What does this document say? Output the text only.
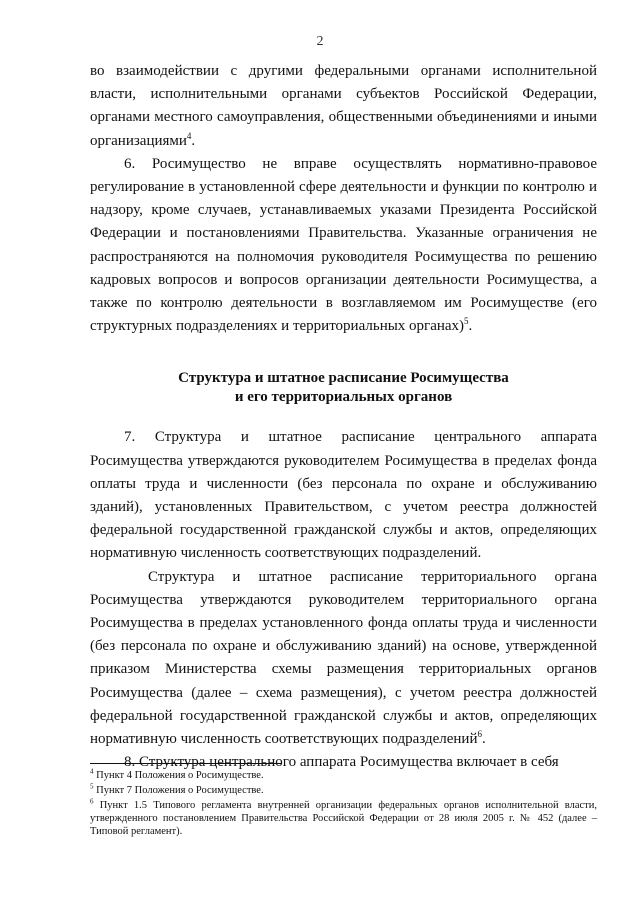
2

во взаимодействии с другими федеральными органами исполнительной власти, исполнительными органами субъектов Российской Федерации, органами местного самоуправления, общественными объединениями и иными организациями$^4$.

6. Росимущество не вправе осуществлять нормативно-правовое регулирование в установленной сфере деятельности и функции по контролю и надзору, кроме случаев, устанавливаемых указами Президента Российской Федерации и постановлениями Правительства. Указанные ограничения не распространяются на полномочия руководителя Росимущества по решению кадровых вопросов и вопросов организации деятельности Росимущества, а также по контролю деятельности в возглавляемом им Росимуществе (его структурных подразделениях и территориальных органах)$^5$.

Структура и штатное расписание Росимущества
и его территориальных органов

7. Структура и штатное расписание центрального аппарата Росимущества утверждаются руководителем Росимущества в пределах фонда оплаты труда и численности (без персонала по охране и обслуживанию зданий), установленных Правительством, с учетом реестра должностей федеральной государственной гражданской службы и актов, определяющих нормативную численность соответствующих подразделений.

Структура и штатное расписание территориального органа Росимущества утверждаются руководителем территориального органа Росимущества в пределах установленного фонда оплаты труда и численности (без персонала по охране и обслуживанию зданий) на основе, утвержденной приказом Министерства схемы размещения территориальных органов Росимущества (далее – схема размещения), с учетом реестра должностей федеральной государственной гражданской службы и актов, определяющих нормативную численность соответствующих подразделений$^6$.

8. Структура центрального аппарата Росимущества включает в себя

$^4$ Пункт 4 Положения о Росимуществе.

$^5$ Пункт 7 Положения о Росимуществе.

$^6$ Пункт 1.5 Типового регламента внутренней организации федеральных органов исполнительной власти, утвержденного постановлением Правительства Российской Федерации от 28 июля 2005 г. № 452 (далее – Типовой регламент).
